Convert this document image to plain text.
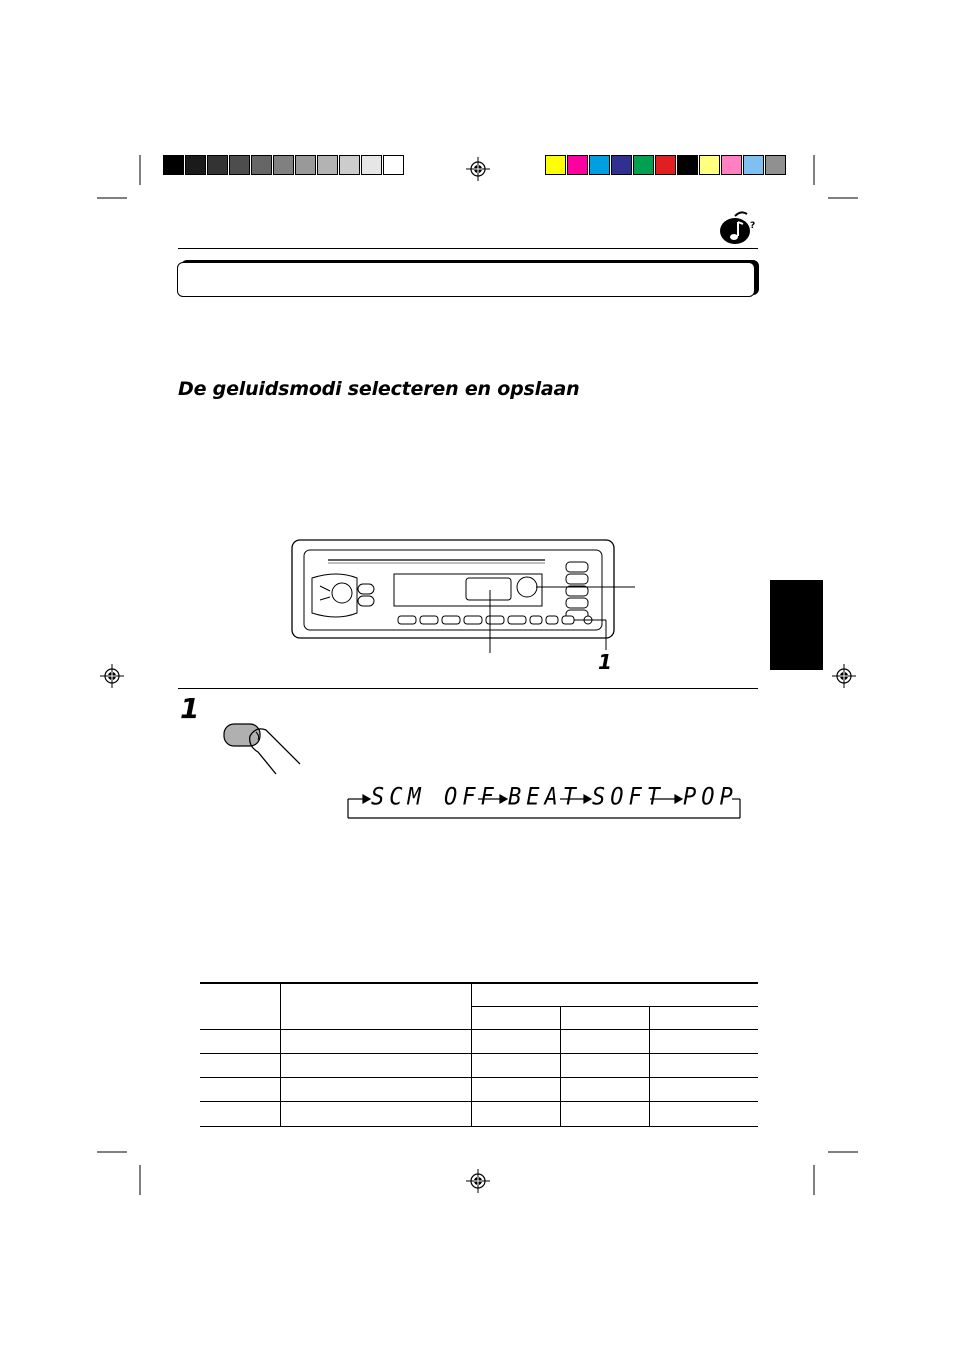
?
De geluidsmodi selecteren en opslaan
1
1
SCM OFF BEAT SOFT POP
